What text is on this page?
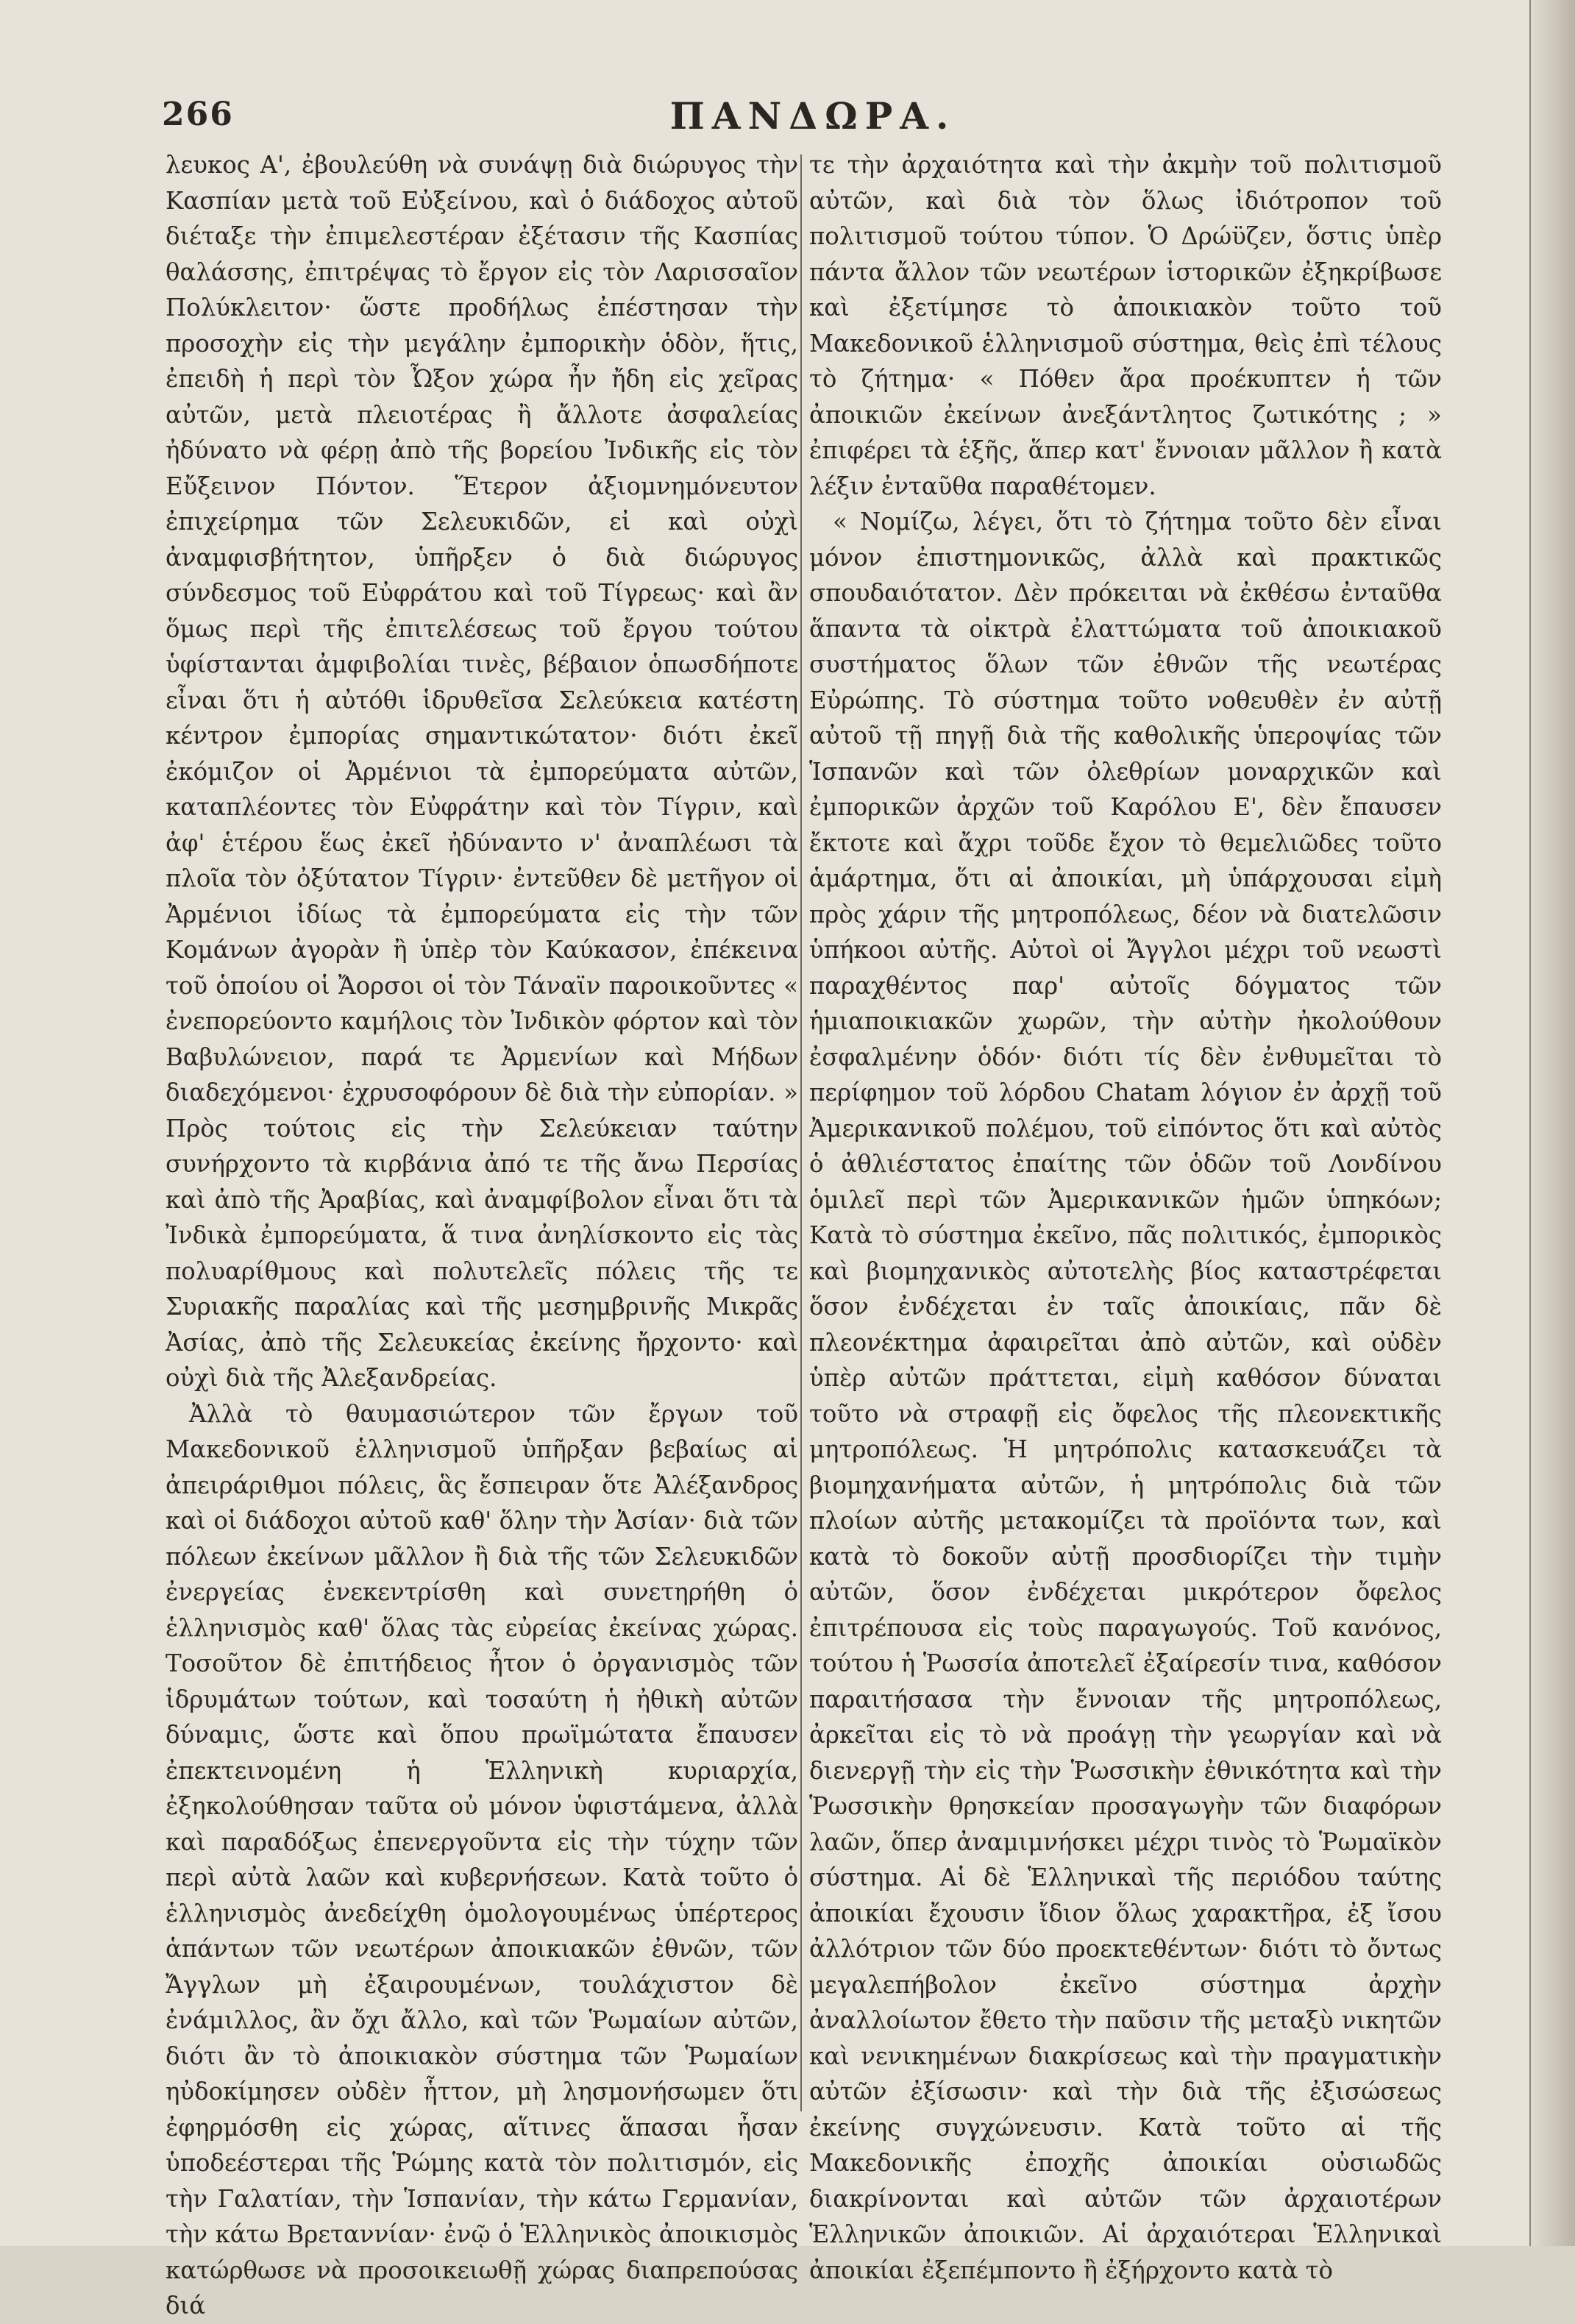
266	ΠΑΝΔΩΡΑ.

λευκος Α', ἐβουλεύθη νὰ συνάψῃ διὰ διώρυγος τὴν Κασπίαν μετὰ τοῦ Εὐξείνου, καὶ ὁ διάδοχος αὐτοῦ διέταξε τὴν ἐπιμελεστέραν ἐξέτασιν τῆς Κασπίας θαλάσσης, ἐπιτρέψας τὸ ἔργον εἰς τὸν Λαρισσαῖον Πολύκλειτον· ὥστε προδήλως ἐπέστησαν τὴν προσοχὴν εἰς τὴν μεγάλην ἐμπορικὴν ὁδὸν, ἥτις, ἐπειδὴ ἡ περὶ τὸν Ὦξον χώρα ἦν ἤδη εἰς χεῖρας αὐτῶν, μετὰ πλειοτέρας ἢ ἄλλοτε ἀσφαλείας ἠδύνατο νὰ φέρῃ ἀπὸ τῆς βορείου Ἰνδικῆς εἰς τὸν Εὔξεινον Πόντον. Ἕτερον ἀξιομνημόνευτον ἐπιχείρημα τῶν Σελευκιδῶν, εἰ καὶ οὐχὶ ἀναμφισβήτητον, ὑπῆρξεν ὁ διὰ διώρυγος σύνδεσμος τοῦ Εὐφράτου καὶ τοῦ Τίγρεως· καὶ ἂν ὅμως περὶ τῆς ἐπιτελέσεως τοῦ ἔργου τούτου ὑφίστανται ἀμφιβολίαι τινὲς, βέβαιον ὁπωσδήποτε εἶναι ὅτι ἡ αὐτόθι ἱδρυθεῖσα Σελεύκεια κατέστη κέντρον ἐμπορίας σημαντικώτατον· διότι ἐκεῖ ἐκόμιζον οἱ Ἀρμένιοι τὰ ἐμπορεύματα αὐτῶν, καταπλέοντες τὸν Εὐφράτην καὶ τὸν Τίγριν, καὶ ἀφ' ἑτέρου ἕως ἐκεῖ ἠδύναντο ν' ἀναπλέωσι τὰ πλοῖα τὸν ὀξύτατον Τίγριν· ἐντεῦθεν δὲ μετῆγον οἱ Ἀρμένιοι ἰδίως τὰ ἐμπορεύματα εἰς τὴν τῶν Κομάνων ἀγορὰν ἢ ὑπὲρ τὸν Καύκασον, ἐπέκεινα τοῦ ὁποίου οἱ Ἄορσοι οἱ τὸν Τάναϊν παροικοῦντες « ἐνεπορεύοντο καμήλοις τὸν Ἰνδικὸν φόρτον καὶ τὸν Βαβυλώνειον, παρά τε Ἀρμενίων καὶ Μήδων διαδεχόμενοι· ἐχρυσοφόρουν δὲ διὰ τὴν εὐπορίαν. » Πρὸς τούτοις εἰς τὴν Σελεύκειαν ταύτην συνήρχοντο τὰ κιρβάνια ἀπό τε τῆς ἄνω Περσίας καὶ ἀπὸ τῆς Ἀραβίας, καὶ ἀναμφίβολον εἶναι ὅτι τὰ Ἰνδικὰ ἐμπορεύματα, ἅ τινα ἀνηλίσκοντο εἰς τὰς πολυαρίθμους καὶ πολυτελεῖς πόλεις τῆς τε Συριακῆς παραλίας καὶ τῆς μεσημβρινῆς Μικρᾶς Ἀσίας, ἀπὸ τῆς Σελευκείας ἐκείνης ἤρχοντο· καὶ οὐχὶ διὰ τῆς Ἀλεξανδρείας.

Ἀλλὰ τὸ θαυμασιώτερον τῶν ἔργων τοῦ Μακεδονικοῦ ἑλληνισμοῦ ὑπῆρξαν βεβαίως αἱ ἀπειράριθμοι πόλεις, ἃς ἔσπειραν ὅτε Ἀλέξανδρος καὶ οἱ διάδοχοι αὐτοῦ καθ' ὅλην τὴν Ἀσίαν· διὰ τῶν πόλεων ἐκείνων μᾶλλον ἢ διὰ τῆς τῶν Σελευκιδῶν ἐνεργείας ἐνεκεντρίσθη καὶ συνετηρήθη ὁ ἑλληνισμὸς καθ' ὅλας τὰς εὐρείας ἐκείνας χώρας. Τοσοῦτον δὲ ἐπιτήδειος ἦτον ὁ ὀργανισμὸς τῶν ἱδρυμάτων τούτων, καὶ τοσαύτη ἡ ἠθικὴ αὐτῶν δύναμις, ὥστε καὶ ὅπου πρωϊμώτατα ἔπαυσεν ἐπεκτεινομένη ἡ Ἑλληνικὴ κυριαρχία, ἐξηκολούθησαν ταῦτα οὐ μόνον ὑφιστάμενα, ἀλλὰ καὶ παραδόξως ἐπενεργοῦντα εἰς τὴν τύχην τῶν περὶ αὐτὰ λαῶν καὶ κυβερνήσεων. Κατὰ τοῦτο ὁ ἑλληνισμὸς ἀνεδείχθη ὁμολογουμένως ὑπέρτερος ἁπάντων τῶν νεωτέρων ἀποικιακῶν ἐθνῶν, τῶν Ἄγγλων μὴ ἐξαιρουμένων, τουλάχιστον δὲ ἐνάμιλλος, ἂν ὄχι ἄλλο, καὶ τῶν Ῥωμαίων αὐτῶν, διότι ἂν τὸ ἀποικιακὸν σύστημα τῶν Ῥωμαίων ηὐδοκίμησεν οὐδὲν ἧττον, μὴ λησμονήσωμεν ὅτι ἐφηρμόσθη εἰς χώρας, αἵτινες ἅπασαι ἦσαν ὑποδεέστεραι τῆς Ῥώμης κατὰ τὸν πολιτισμόν, εἰς τὴν Γαλατίαν, τὴν Ἱσπανίαν, τὴν κάτω Γερμανίαν, τὴν κάτω Βρεταννίαν· ἐνῷ ὁ Ἑλληνικὸς ἀποικισμὸς κατώρθωσε νὰ προσοικειωθῇ χώρας διαπρεπούσας διά

τε τὴν ἀρχαιότητα καὶ τὴν ἀκμὴν τοῦ πολιτισμοῦ αὐτῶν, καὶ διὰ τὸν ὅλως ἰδιότροπον τοῦ πολιτισμοῦ τούτου τύπον. Ὁ Δρώϋζεν, ὅστις ὑπὲρ πάντα ἄλλον τῶν νεωτέρων ἱστορικῶν ἐξηκρίβωσε καὶ ἐξετίμησε τὸ ἀποικιακὸν τοῦτο τοῦ Μακεδονικοῦ ἑλληνισμοῦ σύστημα, θεὶς ἐπὶ τέλους τὸ ζήτημα· « Πόθεν ἄρα προέκυπτεν ἡ τῶν ἀποικιῶν ἐκείνων ἀνεξάντλητος ζωτικότης ; » ἐπιφέρει τὰ ἑξῆς, ἅπερ κατ' ἔννοιαν μᾶλλον ἢ κατὰ λέξιν ἐνταῦθα παραθέτομεν.

« Νομίζω, λέγει, ὅτι τὸ ζήτημα τοῦτο δὲν εἶναι μόνον ἐπιστημονικῶς, ἀλλὰ καὶ πρακτικῶς σπουδαιότατον. Δὲν πρόκειται νὰ ἐκθέσω ἐνταῦθα ἅπαντα τὰ οἰκτρὰ ἐλαττώματα τοῦ ἀποικιακοῦ συστήματος ὅλων τῶν ἐθνῶν τῆς νεωτέρας Εὐρώπης. Τὸ σύστημα τοῦτο νοθευθὲν ἐν αὐτῇ αὐτοῦ τῇ πηγῇ διὰ τῆς καθολικῆς ὑπεροψίας τῶν Ἱσπανῶν καὶ τῶν ὀλεθρίων μοναρχικῶν καὶ ἐμπορικῶν ἀρχῶν τοῦ Καρόλου Ε', δὲν ἔπαυσεν ἔκτοτε καὶ ἄχρι τοῦδε ἔχον τὸ θεμελιῶδες τοῦτο ἁμάρτημα, ὅτι αἱ ἀποικίαι, μὴ ὑπάρχουσαι εἰμὴ πρὸς χάριν τῆς μητροπόλεως, δέον νὰ διατελῶσιν ὑπήκοοι αὐτῆς. Αὐτοὶ οἱ Ἄγγλοι μέχρι τοῦ νεωστὶ παραχθέντος παρ' αὐτοῖς δόγματος τῶν ἡμιαποικιακῶν χωρῶν, τὴν αὐτὴν ἠκολούθουν ἐσφαλμένην ὁδόν· διότι τίς δὲν ἐνθυμεῖται τὸ περίφημον τοῦ λόρδου Chatam λόγιον ἐν ἀρχῇ τοῦ Ἀμερικανικοῦ πολέμου, τοῦ εἰπόντος ὅτι καὶ αὐτὸς ὁ ἀθλιέστατος ἐπαίτης τῶν ὁδῶν τοῦ Λονδίνου ὁμιλεῖ περὶ τῶν Ἀμερικανικῶν ἡμῶν ὑπηκόων; Κατὰ τὸ σύστημα ἐκεῖνο, πᾶς πολιτικός, ἐμπορικὸς καὶ βιομηχανικὸς αὐτοτελὴς βίος καταστρέφεται ὅσον ἐνδέχεται ἐν ταῖς ἀποικίαις, πᾶν δὲ πλεονέκτημα ἀφαιρεῖται ἀπὸ αὐτῶν, καὶ οὐδὲν ὑπὲρ αὐτῶν πράττεται, εἰμὴ καθόσον δύναται τοῦτο νὰ στραφῇ εἰς ὄφελος τῆς πλεονεκτικῆς μητροπόλεως. Ἡ μητρόπολις κατασκευάζει τὰ βιομηχανήματα αὐτῶν, ἡ μητρόπολις διὰ τῶν πλοίων αὐτῆς μετακομίζει τὰ προϊόντα των, καὶ κατὰ τὸ δοκοῦν αὐτῇ προσδιορίζει τὴν τιμὴν αὐτῶν, ὅσον ἐνδέχεται μικρότερον ὄφελος ἐπιτρέπουσα εἰς τοὺς παραγωγούς. Τοῦ κανόνος, τούτου ἡ Ῥωσσία ἀποτελεῖ ἐξαίρεσίν τινα, καθόσον παραιτήσασα τὴν ἔννοιαν τῆς μητροπόλεως, ἀρκεῖται εἰς τὸ νὰ προάγῃ τὴν γεωργίαν καὶ νὰ διενεργῇ τὴν εἰς τὴν Ῥωσσικὴν ἐθνικότητα καὶ τὴν Ῥωσσικὴν θρησκείαν προσαγωγὴν τῶν διαφόρων λαῶν, ὅπερ ἀναμιμνήσκει μέχρι τινὸς τὸ Ῥωμαϊκὸν σύστημα. Αἱ δὲ Ἑλληνικαὶ τῆς περιόδου ταύτης ἀποικίαι ἔχουσιν ἴδιον ὅλως χαρακτῆρα, ἐξ ἴσου ἀλλότριον τῶν δύο προεκτεθέντων· διότι τὸ ὄντως μεγαλεπήβολον ἐκεῖνο σύστημα ἀρχὴν ἀναλλοίωτον ἔθετο τὴν παῦσιν τῆς μεταξὺ νικητῶν καὶ νενικημένων διακρίσεως καὶ τὴν πραγματικὴν αὐτῶν ἐξίσωσιν· καὶ τὴν διὰ τῆς ἐξισώσεως ἐκείνης συγχώνευσιν. Κατὰ τοῦτο αἱ τῆς Μακεδονικῆς ἐποχῆς ἀποικίαι οὐσιωδῶς διακρίνονται καὶ αὐτῶν τῶν ἀρχαιοτέρων Ἑλληνικῶν ἀποικιῶν. Αἱ ἀρχαιότεραι Ἑλληνικαὶ ἀποικίαι ἐξεπέμποντο ἢ ἐξήρχοντο κατὰ τὸ
